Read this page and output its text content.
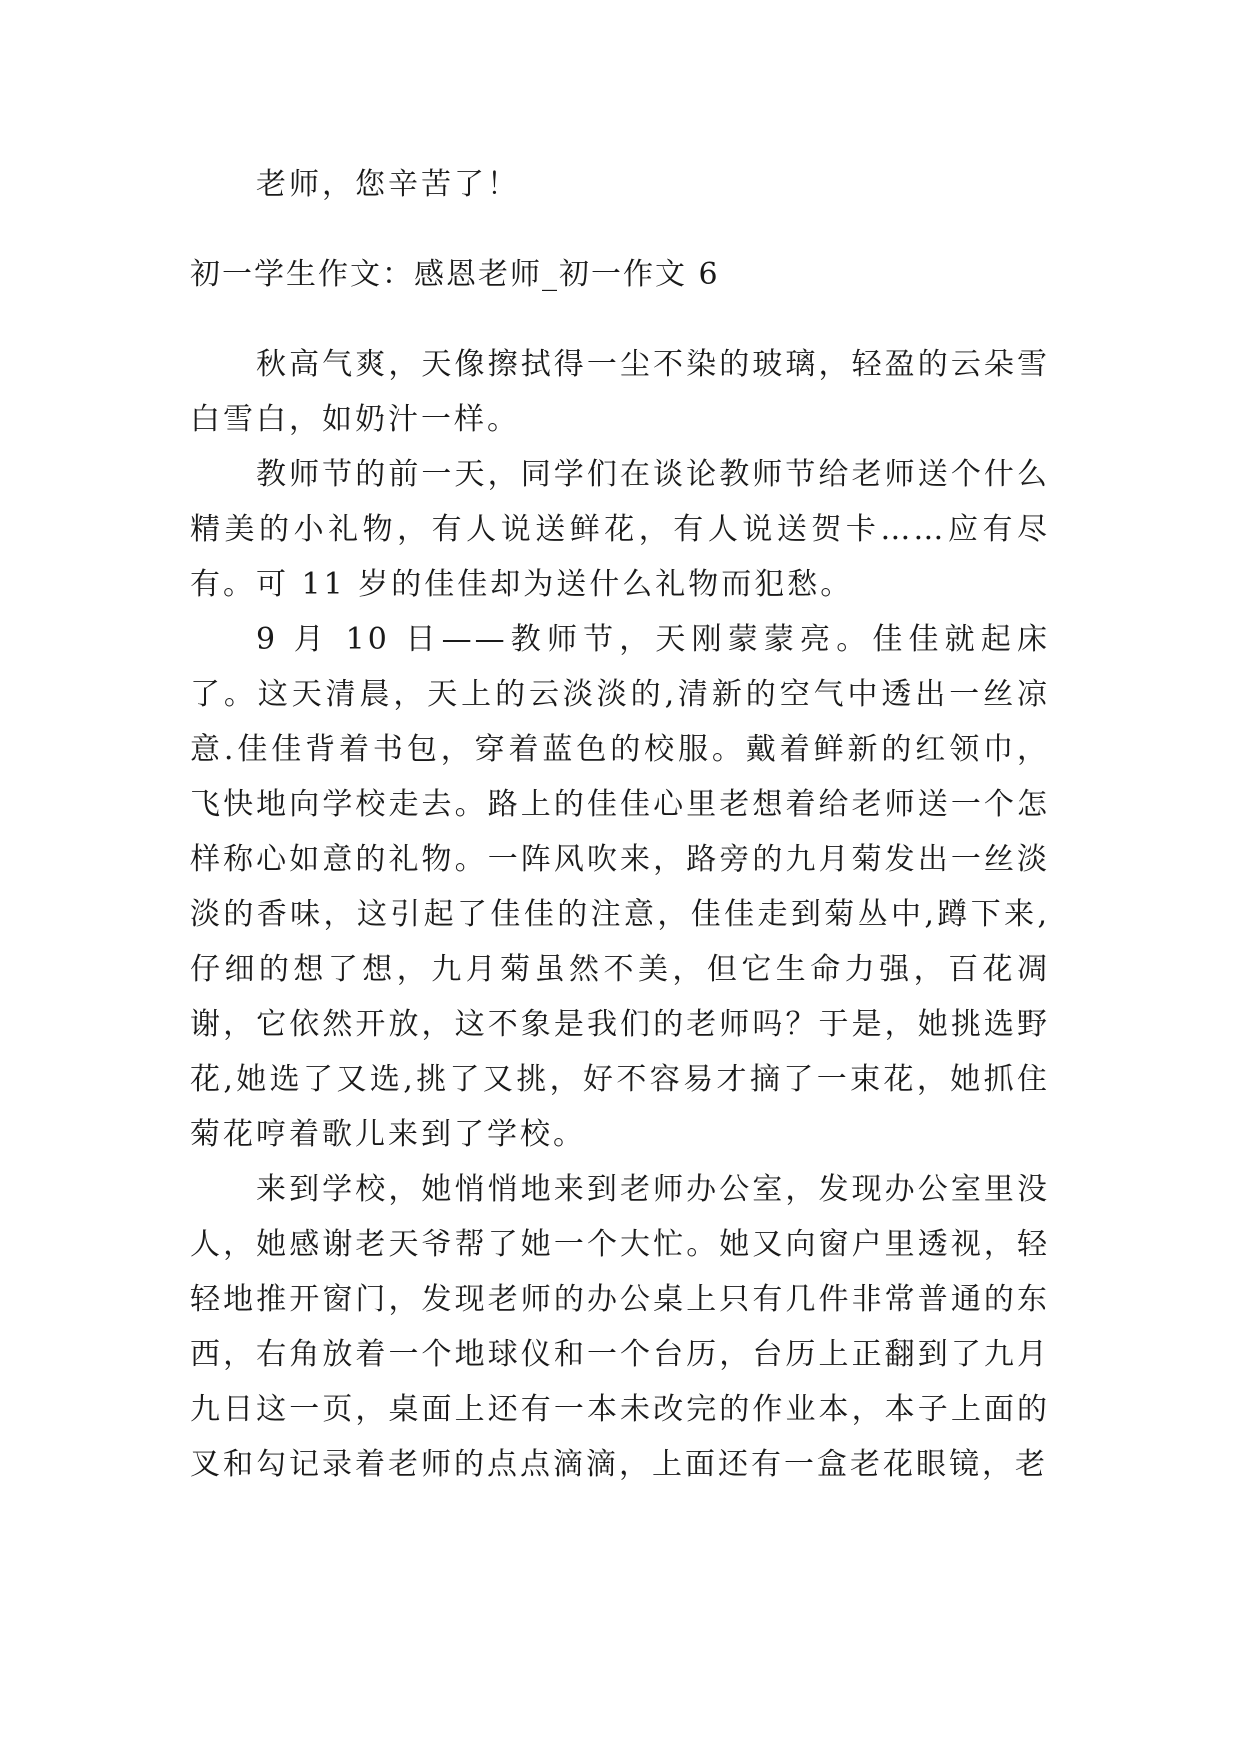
老师，您辛苦了！

初一学生作文：感恩老师_初一作文 6

秋高气爽，天像擦拭得一尘不染的玻璃，轻盈的云朵雪白雪白，如奶汁一样。

教师节的前一天，同学们在谈论教师节给老师送个什么精美的小礼物，有人说送鲜花，有人说送贺卡……应有尽有。可 11 岁的佳佳却为送什么礼物而犯愁。

9 月 10 日——教师节，天刚蒙蒙亮。佳佳就起床了。这天清晨，天上的云淡淡的,清新的空气中透出一丝凉意.佳佳背着书包，穿着蓝色的校服。戴着鲜新的红领巾，飞快地向学校走去。路上的佳佳心里老想着给老师送一个怎样称心如意的礼物。一阵风吹来，路旁的九月菊发出一丝淡淡的香味，这引起了佳佳的注意，佳佳走到菊丛中,蹲下来,仔细的想了想，九月菊虽然不美，但它生命力强，百花凋谢，它依然开放，这不象是我们的老师吗？于是，她挑选野花,她选了又选,挑了又挑，好不容易才摘了一束花，她抓住菊花哼着歌儿来到了学校。

来到学校，她悄悄地来到老师办公室，发现办公室里没人，她感谢老天爷帮了她一个大忙。她又向窗户里透视，轻轻地推开窗门，发现老师的办公桌上只有几件非常普通的东西，右角放着一个地球仪和一个台历，台历上正翻到了九月九日这一页，桌面上还有一本未改完的作业本，本子上面的叉和勾记录着老师的点点滴滴，上面还有一盒老花眼镜，老
